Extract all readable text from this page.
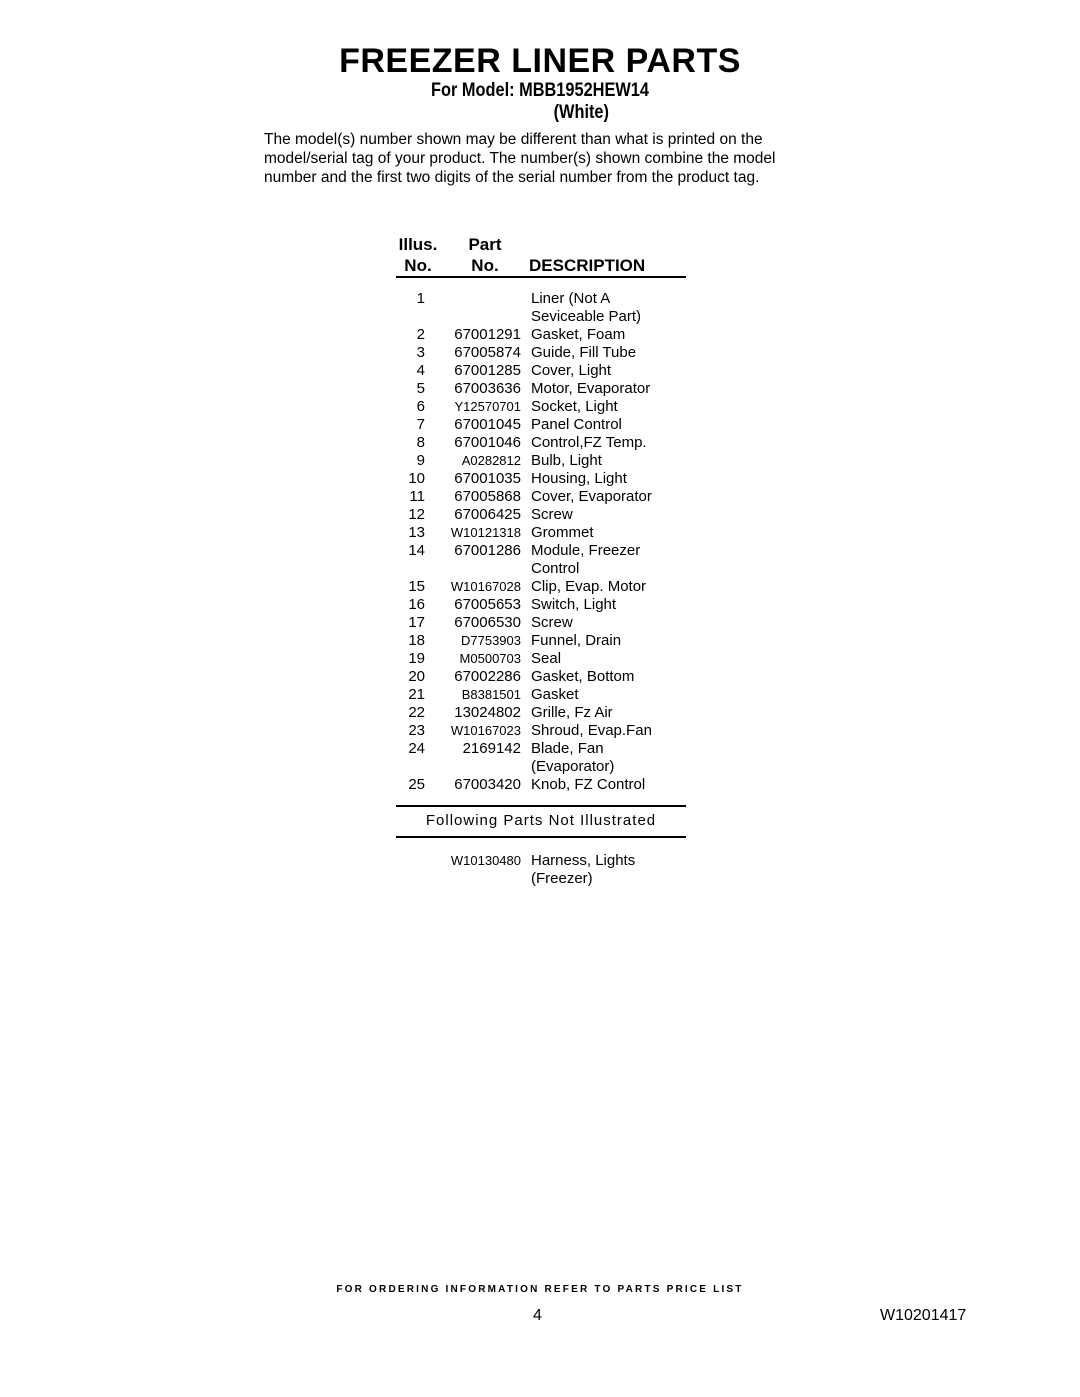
FREEZER LINER PARTS
For Model: MBB1952HEW14
(White)
The model(s) number shown may be different than what is printed on the model/serial tag of your product. The number(s) shown combine the model number and the first two digits of the serial number from the product tag.
Illus.
No.
Part
No.	DESCRIPTION
1	Liner (Not A
Seviceable Part)
2	67001291 Gasket, Foam
3	67005874 Guide, Fill Tube
4	67001285 Cover, Light
5	67003636 Motor, Evaporator
6	Y12570701 Socket, Light
7	67001045 Panel Control
8	67001046 Control,FZ Temp.
9	A0282812 Bulb, Light
10	67001035 Housing, Light
11	67005868 Cover, Evaporator
12	67006425 Screw
13	W10121318 Grommet
14	67001286 Module, Freezer
Control
15	W10167028 Clip, Evap. Motor
16	67005653 Switch, Light
17	67006530 Screw
18	D7753903 Funnel, Drain
19	M0500703 Seal
20	67002286 Gasket, Bottom
21	B8381501 Gasket
22	13024802 Grille, Fz Air
23	W10167023 Shroud, Evap.Fan
24	2169142 Blade, Fan
(Evaporator)
25	67003420 Knob, FZ Control
Following Parts Not Illustrated
W10130480 Harness, Lights
(Freezer)
FOR ORDERING INFORMATION REFER TO PARTS PRICE LIST
4	W10201417
